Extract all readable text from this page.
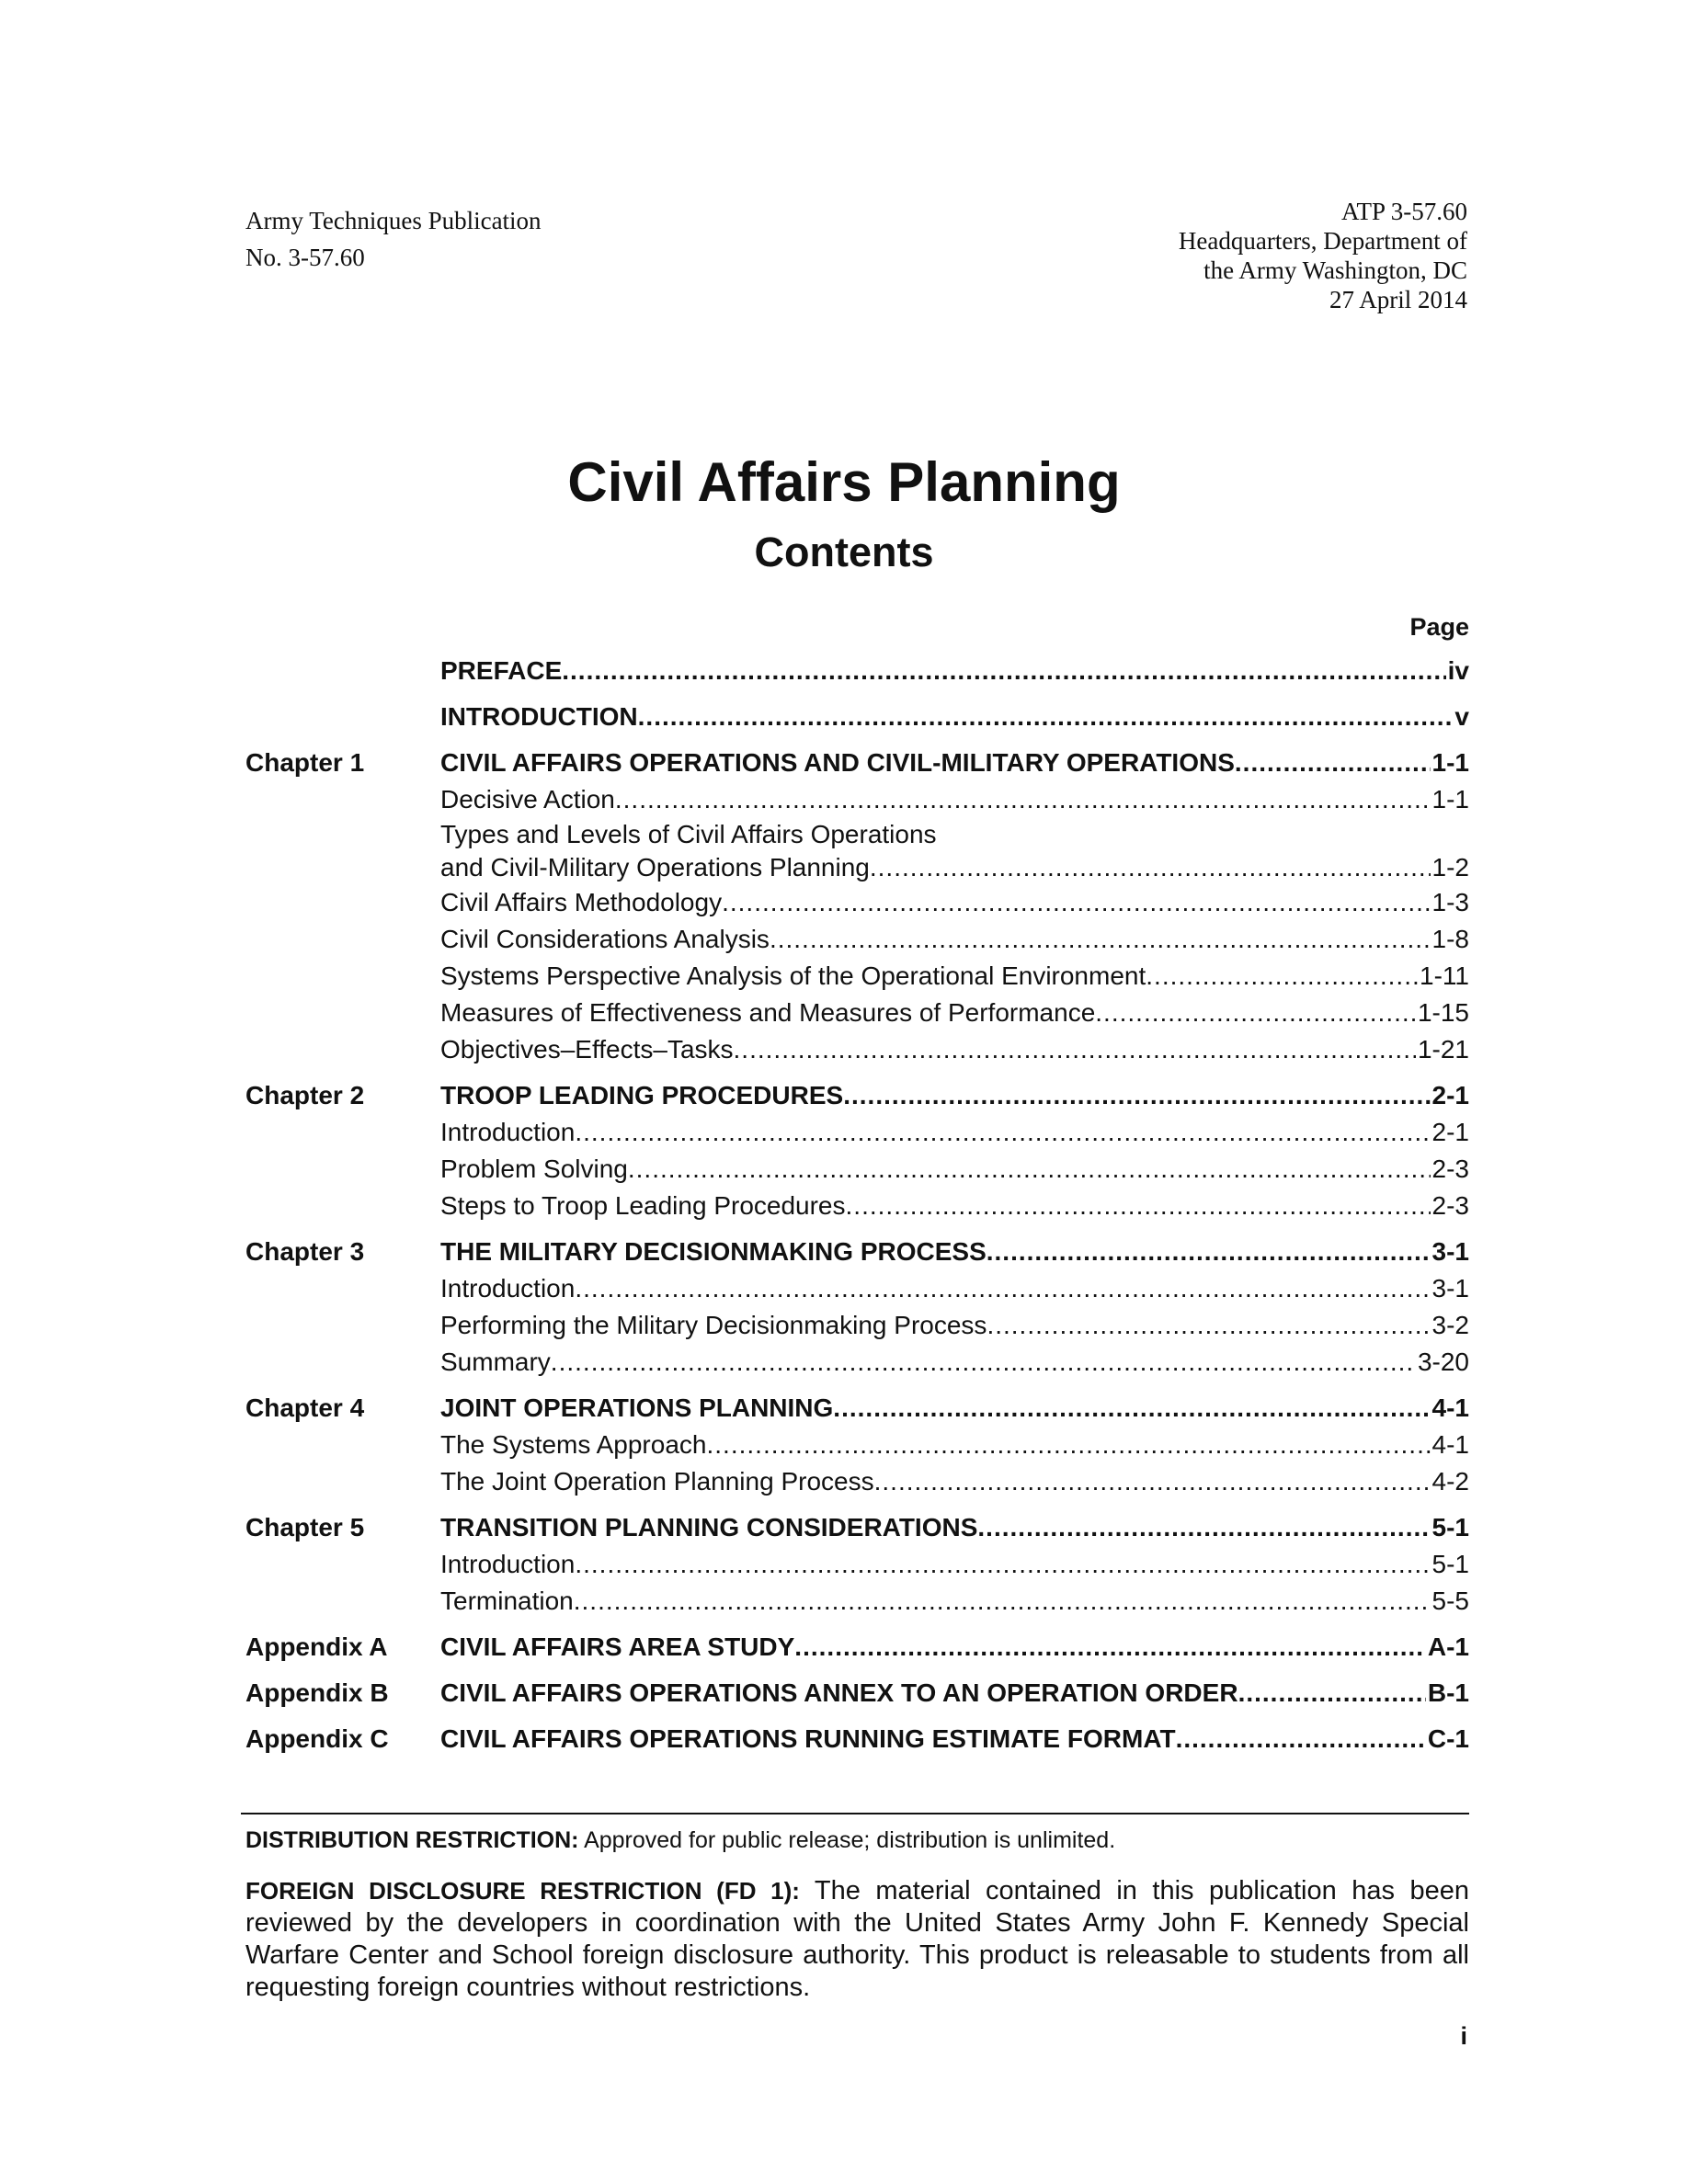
Army Techniques Publication
No. 3-57.60
ATP 3-57.60
Headquarters, Department of
the Army Washington, DC
27 April 2014
Civil Affairs Planning
Contents
Page
PREFACE .....	iv
INTRODUCTION .....	v
Chapter 1	CIVIL AFFAIRS OPERATIONS AND CIVIL-MILITARY OPERATIONS .....	1-1
Decisive Action .....	1-1
Types and Levels of Civil Affairs Operations
and Civil-Military Operations Planning .....	1-2
Civil Affairs Methodology .....	1-3
Civil Considerations Analysis .....	1-8
Systems Perspective Analysis of the Operational Environment .....	1-11
Measures of Effectiveness and Measures of Performance .....	1-15
Objectives–Effects–Tasks .....	1-21
Chapter 2	TROOP LEADING PROCEDURES .....	2-1
Introduction .....	2-1
Problem Solving .....	2-3
Steps to Troop Leading Procedures .....	2-3
Chapter 3	THE MILITARY DECISIONMAKING PROCESS .....	3-1
Introduction .....	3-1
Performing the Military Decisionmaking Process .....	3-2
Summary .....	3-20
Chapter 4	JOINT OPERATIONS PLANNING .....	4-1
The Systems Approach .....	4-1
The Joint Operation Planning Process .....	4-2
Chapter 5	TRANSITION PLANNING CONSIDERATIONS .....	5-1
Introduction .....	5-1
Termination .....	5-5
Appendix A	CIVIL AFFAIRS AREA STUDY .....	A-1
Appendix B	CIVIL AFFAIRS OPERATIONS ANNEX TO AN OPERATION ORDER .....	B-1
Appendix C	CIVIL AFFAIRS OPERATIONS RUNNING ESTIMATE FORMAT .....	C-1
DISTRIBUTION RESTRICTION: Approved for public release; distribution is unlimited.
FOREIGN DISCLOSURE RESTRICTION (FD 1): The material contained in this publication has been reviewed by the developers in coordination with the United States Army John F. Kennedy Special Warfare Center and School foreign disclosure authority. This product is releasable to students from all requesting foreign countries without restrictions.
i
